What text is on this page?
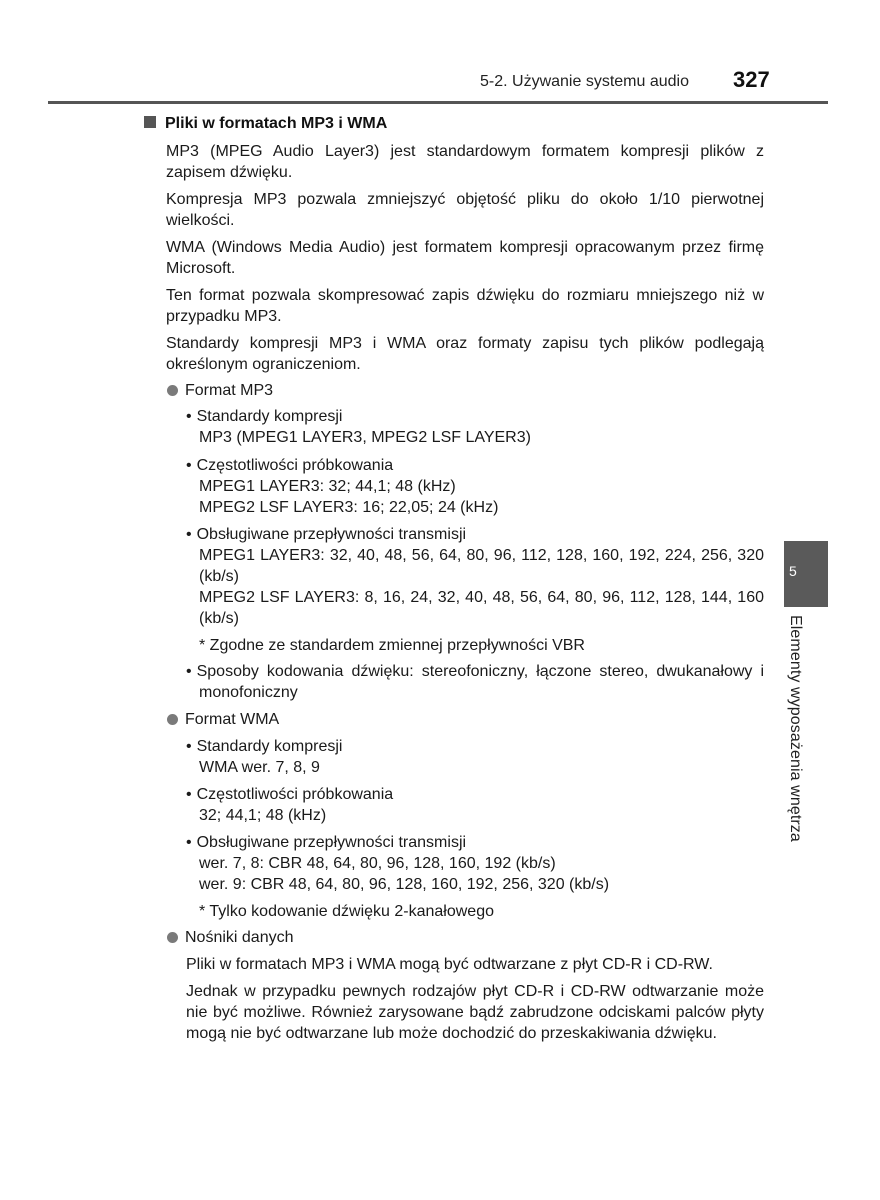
5-2. Używanie systemu audio 327
5
Elementy wyposażenia wnętrza
Pliki w formatach MP3 i WMA
MP3 (MPEG Audio Layer3) jest standardowym formatem kompresji plików z zapisem dźwięku.
Kompresja MP3 pozwala zmniejszyć objętość pliku do około 1/10 pierwotnej wielkości.
WMA (Windows Media Audio) jest formatem kompresji opracowanym przez firmę Microsoft.
Ten format pozwala skompresować zapis dźwięku do rozmiaru mniejszego niż w przypadku MP3.
Standardy kompresji MP3 i WMA oraz formaty zapisu tych plików podlegają określonym ograniczeniom.
Format MP3
• Standardy kompresji
MP3 (MPEG1 LAYER3, MPEG2 LSF LAYER3)
• Częstotliwości próbkowania
MPEG1 LAYER3: 32; 44,1; 48 (kHz)
MPEG2 LSF LAYER3: 16; 22,05; 24 (kHz)
• Obsługiwane przepływności transmisji
MPEG1 LAYER3: 32, 40, 48, 56, 64, 80, 96, 112, 128, 160, 192, 224, 256, 320 (kb/s)
MPEG2 LSF LAYER3: 8, 16, 24, 32, 40, 48, 56, 64, 80, 96, 112, 128, 144, 160 (kb/s)
* Zgodne ze standardem zmiennej przepływności VBR
• Sposoby kodowania dźwięku: stereofoniczny, łączone stereo, dwukanałowy i monofoniczny
Format WMA
• Standardy kompresji
WMA wer. 7, 8, 9
• Częstotliwości próbkowania
32; 44,1; 48 (kHz)
• Obsługiwane przepływności transmisji
wer. 7, 8: CBR 48, 64, 80, 96, 128, 160, 192 (kb/s)
wer. 9: CBR 48, 64, 80, 96, 128, 160, 192, 256, 320 (kb/s)
* Tylko kodowanie dźwięku 2-kanałowego
Nośniki danych
Pliki w formatach MP3 i WMA mogą być odtwarzane z płyt CD-R i CD-RW.
Jednak w przypadku pewnych rodzajów płyt CD-R i CD-RW odtwarzanie może nie być możliwe. Również zarysowane bądź zabrudzone odciskami palców płyty mogą nie być odtwarzane lub może dochodzić do przeskakiwania dźwięku.
